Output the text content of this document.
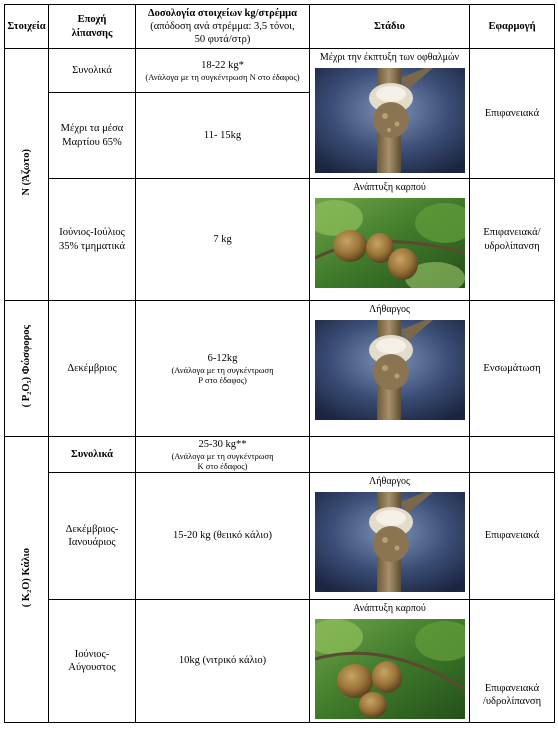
Στοιχεία	Εποχή
λίπανσης	Δοσολογία στοιχείων kg/στρέμμα
(απόδοση ανά στρέμμα: 3,5 τόνοι,
50 φυτά/στρ)	Στάδιο	Εφαρμογή
Ν (Άζωτο)	Συνολικά	18-22 kg*
(Ανάλογα με τη συγκέντρωση Ν στο έδαφος)	Μέχρι την έκπτυξη των οφθαλμών	Επιφανειακά

	Μέχρι τα μέσα
Μαρτίου 65%	11- 15kg		

	Ιούνιος-Ιούλιος
35% τμηματικά	7 kg	Ανάπτυξη καρπού	Επιφανειακά/
υδρολίπανση

( P₂O₅) Φώσφορος	Δεκέμβριος	6-12kg
(Ανάλογα με τη συγκέντρωση
Ρ στο έδαφος)	Λήθαργος	Ενσωμάτωση
( K₂O) Κάλιο	Συνολικά	25-30 kg**
(Ανάλογα με τη συγκέντρωση
K στο έδαφος)		

	Δεκέμβριος-
Ιανουάριος	15-20 kg (θειικό κάλιο)	Λήθαργος	Επιφανειακά

	Ιούνιος-
Αύγουστος	10kg (νιτρικό κάλιο)	Ανάπτυξη καρπού	Επιφανειακά
/υδρολίπανση
